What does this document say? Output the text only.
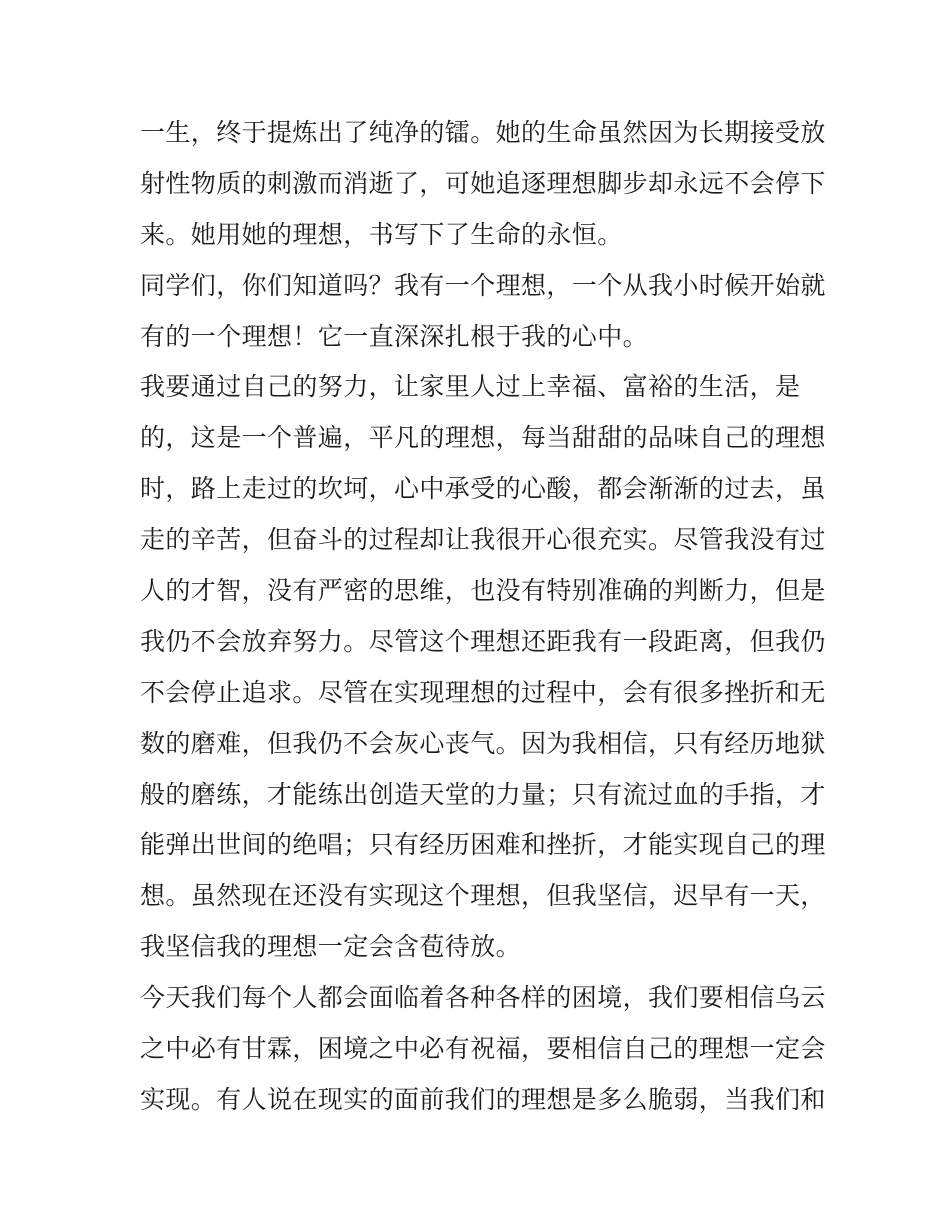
一生，终于提炼出了纯净的镭。她的生命虽然因为长期接受放
射性物质的刺激而消逝了，可她追逐理想脚步却永远不会停下
来。她用她的理想，书写下了生命的永恒。
同学们，你们知道吗？我有一个理想，一个从我小时候开始就
有的一个理想！它一直深深扎根于我的心中。
我要通过自己的努力，让家里人过上幸福、富裕的生活，是
的，这是一个普遍，平凡的理想，每当甜甜的品味自己的理想
时，路上走过的坎坷，心中承受的心酸，都会渐渐的过去，虽
走的辛苦，但奋斗的过程却让我很开心很充实。尽管我没有过
人的才智，没有严密的思维，也没有特别准确的判断力，但是
我仍不会放弃努力。尽管这个理想还距我有一段距离，但我仍
不会停止追求。尽管在实现理想的过程中，会有很多挫折和无
数的磨难，但我仍不会灰心丧气。因为我相信，只有经历地狱
般的磨练，才能练出创造天堂的力量；只有流过血的手指，才
能弹出世间的绝唱；只有经历困难和挫折，才能实现自己的理
想。虽然现在还没有实现这个理想，但我坚信，迟早有一天，
我坚信我的理想一定会含苞待放。
今天我们每个人都会面临着各种各样的困境，我们要相信乌云
之中必有甘霖，困境之中必有祝福，要相信自己的理想一定会
实现。有人说在现实的面前我们的理想是多么脆弱，当我们和
